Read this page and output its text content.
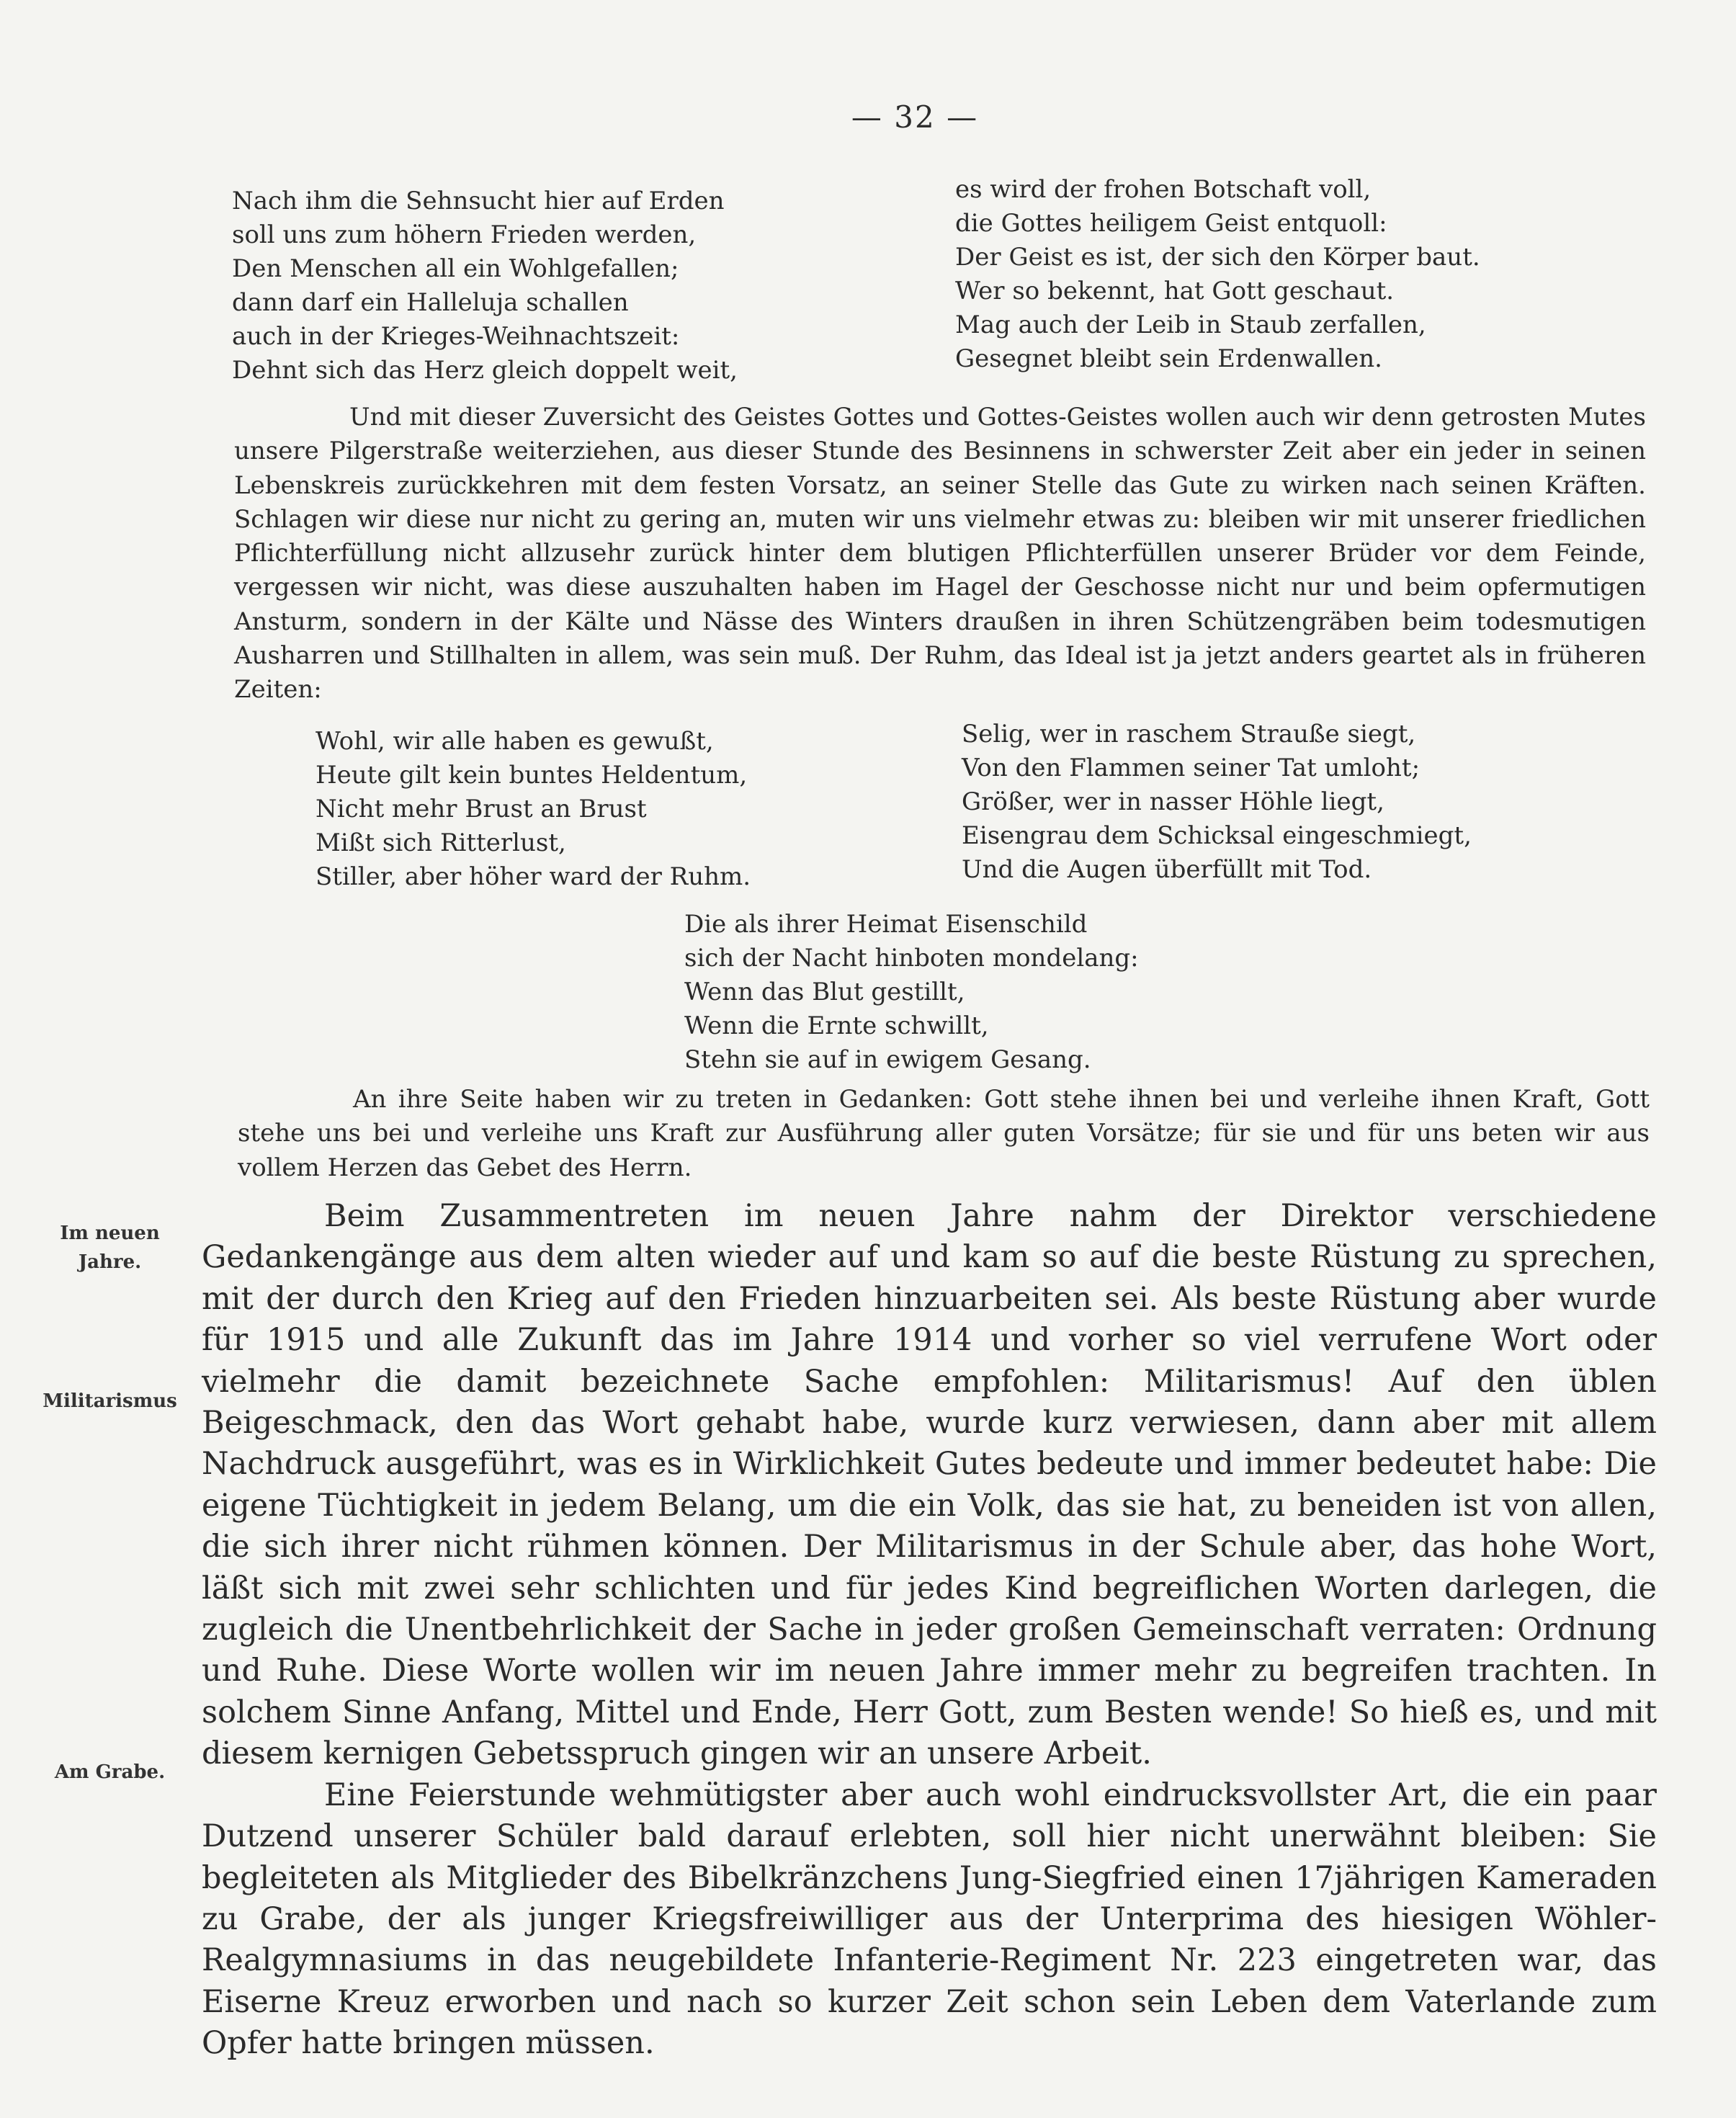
— 32 —
Nach ihm die Sehnsucht hier auf Erden
soll uns zum höhern Frieden werden,
Den Menschen all ein Wohlgefallen;
dann darf ein Halleluja schallen
auch in der Krieges-Weihnachtszeit:
Dehnt sich das Herz gleich doppelt weit,
es wird der frohen Botschaft voll,
die Gottes heiligem Geist entquoll:
Der Geist es ist, der sich den Körper baut.
Wer so bekennt, hat Gott geschaut.
Mag auch der Leib in Staub zerfallen,
Gesegnet bleibt sein Erdenwallen.

Und mit dieser Zuversicht des Geistes Gottes und Gottes-Geistes wollen auch wir denn getrosten Mutes unsere Pilgerstraße weiterziehen, aus dieser Stunde des Besinnens in schwerster Zeit aber ein jeder in seinen Lebenskreis zurückkehren mit dem festen Vorsatz, an seiner Stelle das Gute zu wirken nach seinen Kräften. Schlagen wir diese nur nicht zu gering an, muten wir uns vielmehr etwas zu: bleiben wir mit unserer friedlichen Pflichterfüllung nicht allzusehr zurück hinter dem blutigen Pflichterfüllen unserer Brüder vor dem Feinde, vergessen wir nicht, was diese auszuhalten haben im Hagel der Geschosse nicht nur und beim opfermutigen Ansturm, sondern in der Kälte und Nässe des Winters draußen in ihren Schützengräben beim todesmutigen Ausharren und Stillhalten in allem, was sein muß. Der Ruhm, das Ideal ist ja jetzt anders geartet als in früheren Zeiten:

Wohl, wir alle haben es gewußt,
Heute gilt kein buntes Heldentum,
Nicht mehr Brust an Brust
Mißt sich Ritterlust,
Stiller, aber höher ward der Ruhm.
Selig, wer in raschem Strauße siegt,
Von den Flammen seiner Tat umloht;
Größer, wer in nasser Höhle liegt,
Eisengrau dem Schicksal eingeschmiegt,
Und die Augen überfüllt mit Tod.
Die als ihrer Heimat Eisenschild
sich der Nacht hinboten mondelang:
Wenn das Blut gestillt,
Wenn die Ernte schwillt,
Stehn sie auf in ewigem Gesang.

An ihre Seite haben wir zu treten in Gedanken: Gott stehe ihnen bei und verleihe ihnen Kraft, Gott stehe uns bei und verleihe uns Kraft zur Ausführung aller guten Vorsätze; für sie und für uns beten wir aus vollem Herzen das Gebet des Herrn.

Im neuen
Jahre.
Militarismus
Am Grabe.

Beim Zusammentreten im neuen Jahre nahm der Direktor verschiedene Gedankengänge aus dem alten wieder auf und kam so auf die beste Rüstung zu sprechen, mit der durch den Krieg auf den Frieden hinzuarbeiten sei. Als beste Rüstung aber wurde für 1915 und alle Zukunft das im Jahre 1914 und vorher so viel verrufene Wort oder vielmehr die damit bezeichnete Sache empfohlen: Militarismus! Auf den üblen Beigeschmack, den das Wort gehabt habe, wurde kurz verwiesen, dann aber mit allem Nachdruck ausgeführt, was es in Wirklichkeit Gutes bedeute und immer bedeutet habe: Die eigene Tüchtigkeit in jedem Belang, um die ein Volk, das sie hat, zu beneiden ist von allen, die sich ihrer nicht rühmen können. Der Militarismus in der Schule aber, das hohe Wort, läßt sich mit zwei sehr schlichten und für jedes Kind begreiflichen Worten darlegen, die zugleich die Unentbehrlichkeit der Sache in jeder großen Gemeinschaft verraten: Ordnung und Ruhe. Diese Worte wollen wir im neuen Jahre immer mehr zu begreifen trachten. In solchem Sinne Anfang, Mittel und Ende, Herr Gott, zum Besten wende! So hieß es, und mit diesem kernigen Gebetsspruch gingen wir an unsere Arbeit.

Eine Feierstunde wehmütigster aber auch wohl eindrucksvollster Art, die ein paar Dutzend unserer Schüler bald darauf erlebten, soll hier nicht unerwähnt bleiben: Sie begleiteten als Mitglieder des Bibelkränzchens Jung-Siegfried einen 17jährigen Kameraden zu Grabe, der als junger Kriegsfreiwilliger aus der Unterprima des hiesigen Wöhler-Realgymnasiums in das neugebildete Infanterie-Regiment Nr. 223 eingetreten war, das Eiserne Kreuz erworben und nach so kurzer Zeit schon sein Leben dem Vaterlande zum Opfer hatte bringen müssen.
